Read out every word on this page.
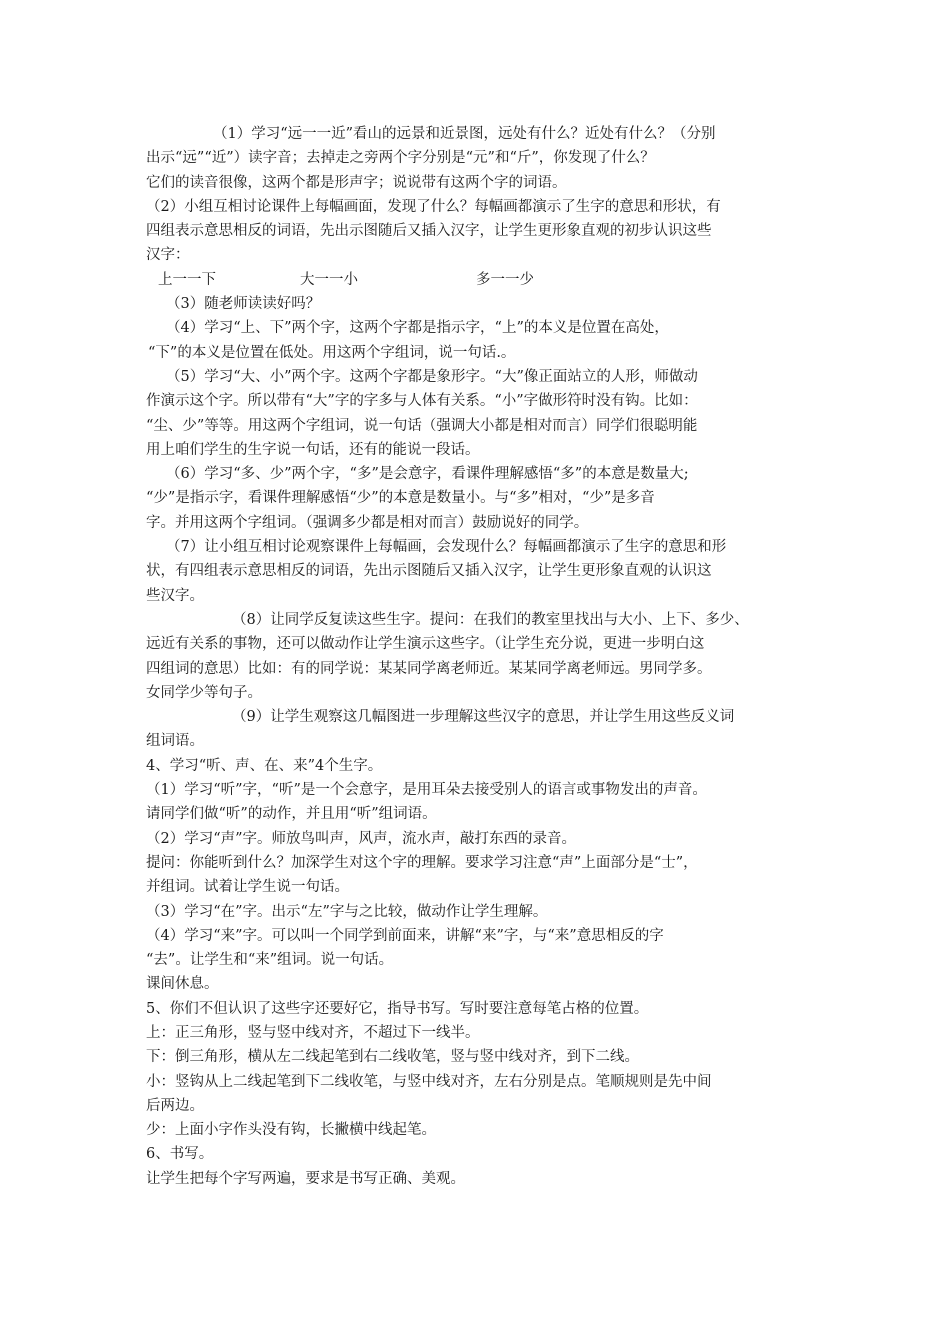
（1）学习“远一一近”看山的远景和近景图，远处有什么？近处有什么？（分别
出示“远”“近”）读字音；去掉走之旁两个字分别是“元”和“斤”，你发现了什么？
它们的读音很像，这两个都是形声字；说说带有这两个字的词语。
（2）小组互相讨论课件上每幅画面，发现了什么？每幅画都演示了生字的意思和形状，有
四组表示意思相反的词语，先出示图随后又插入汉字，让学生更形象直观的初步认识这些
汉字：
上一一下	大一一小	多一一少
（3）随老师读读好吗？
（4）学习“上、下”两个字，这两个字都是指示字，“上”的本义是位置在高处，
“下”的本义是位置在低处。用这两个字组词，说一句话.。
（5）学习“大、小”两个字。这两个字都是象形字。“大”像正面站立的人形，师做动
作演示这个字。所以带有“大”字的字多与人体有关系。“小”字做形符时没有钩。比如：
“尘、少”等等。用这两个字组词，说一句话（强调大小都是相对而言）同学们很聪明能
用上咱们学生的生字说一句话，还有的能说一段话。
（6）学习“多、少”两个字，“多”是会意字，看课件理解感悟“多”的本意是数量大;
“少”是指示字，看课件理解感悟“少”的本意是数量小。与“多”相对，“少”是多音
字。并用这两个字组词。（强调多少都是相对而言）鼓励说好的同学。
（7）让小组互相讨论观察课件上每幅画，会发现什么？每幅画都演示了生字的意思和形
状，有四组表示意思相反的词语，先出示图随后又插入汉字，让学生更形象直观的认识这
些汉字。
（8）让同学反复读这些生字。提问：在我们的教室里找出与大小、上下、多少、
远近有关系的事物，还可以做动作让学生演示这些字。（让学生充分说，更进一步明白这
四组词的意思）比如：有的同学说：某某同学离老师近。某某同学离老师远。男同学多。
女同学少等句子。
（9）让学生观察这几幅图进一步理解这些汉字的意思，并让学生用这些反义词
组词语。
4、学习“听、声、在、来”4个生字。
（1）学习“听”字，“听”是一个会意字，是用耳朵去接受别人的语言或事物发出的声音。
请同学们做“听”的动作，并且用“听”组词语。
（2）学习“声”字。师放鸟叫声，风声，流水声，敲打东西的录音。
提问：你能听到什么？加深学生对这个字的理解。要求学习注意“声”上面部分是“士”，
并组词。试着让学生说一句话。
（3）学习“在”字。出示“左”字与之比较，做动作让学生理解。
（4）学习“来”字。可以叫一个同学到前面来，讲解“来”字，与“来”意思相反的字
“去”。让学生和“来”组词。说一句话。
课间休息。
5、你们不但认识了这些字还要好它，指导书写。写时要注意每笔占格的位置。
上：正三角形，竖与竖中线对齐，不超过下一线半。
下：倒三角形，横从左二线起笔到右二线收笔，竖与竖中线对齐，到下二线。
小：竖钩从上二线起笔到下二线收笔，与竖中线对齐，左右分别是点。笔顺规则是先中间
后两边。
少：上面小字作头没有钩，长撇横中线起笔。
6、书写。
让学生把每个字写两遍，要求是书写正确、美观。
